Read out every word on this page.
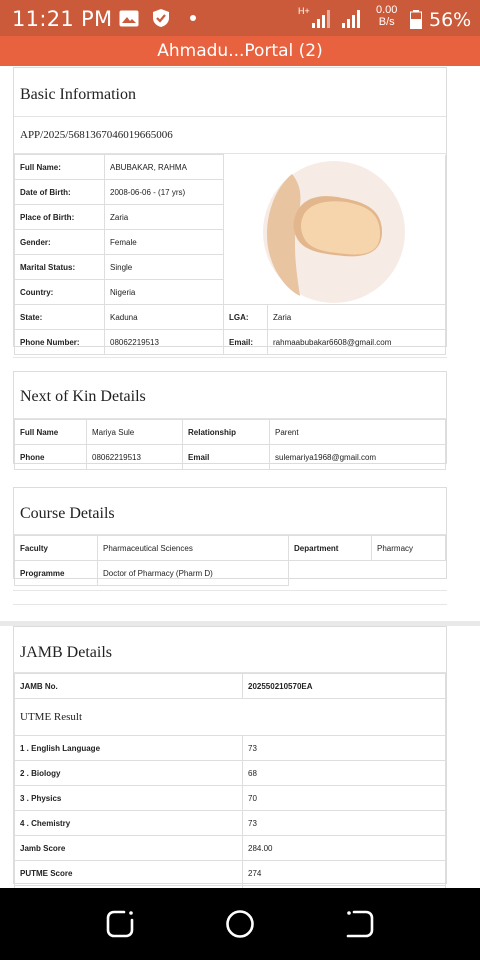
11:21 PM	H+	0.00
B/s 56%
Ahmadu...Portal (2)
Basic Information
APP/2025/5681367046019665006
Full Name:	ABUBAKAR, RAHMA		
Date of Birth:	2008-06-06 - (17 yrs)		
Place of Birth:	Zaria		
Gender:	Female		
Marital Status:	Single		
Country:	Nigeria		
State:	Kaduna	LGA:	Zaria
Phone Number:	08062219513	Email:	rahmaabubakar6608@gmail.com
Next of Kin Details
Full Name	Mariya Sule	Relationship	Parent
Phone	08062219513	Email	sulemariya1968@gmail.com
Course Details
Faculty	Pharmaceutical Sciences	Department	Pharmacy
Programme	Doctor of Pharmacy (Pharm D)		
JAMB Details
JAMB No.	202550210570EA
UTME Result	
1 . English Language	73
2 . Biology	68
3 . Physics	70
4 . Chemistry	73
Jamb Score	284.00
PUTME Score	274
